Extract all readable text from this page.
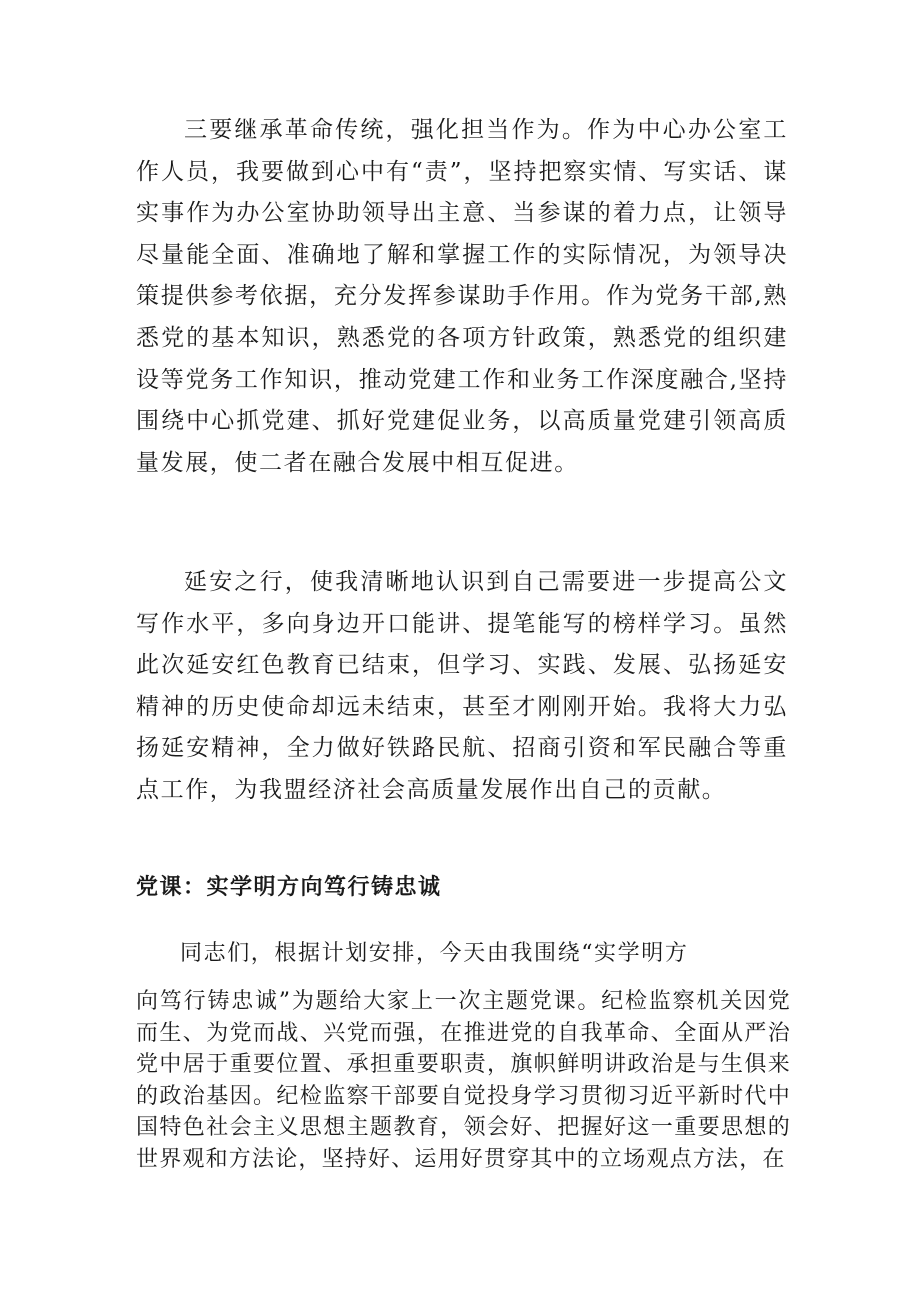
三要继承革命传统，强化担当作为。作为中心办公室工作人员，我要做到心中有“责”，坚持把察实情、写实话、谋实事作为办公室协助领导出主意、当参谋的着力点，让领导尽量能全面、准确地了解和掌握工作的实际情况，为领导决策提供参考依据，充分发挥参谋助手作用。作为党务干部,熟悉党的基本知识，熟悉党的各项方针政策，熟悉党的组织建设等党务工作知识，推动党建工作和业务工作深度融合,坚持围绕中心抓党建、抓好党建促业务，以高质量党建引领高质量发展，使二者在融合发展中相互促进。

延安之行，使我清晰地认识到自己需要进一步提高公文写作水平，多向身边开口能讲、提笔能写的榜样学习。虽然此次延安红色教育已结束，但学习、实践、发展、弘扬延安精神的历史使命却远未结束，甚至才刚刚开始。我将大力弘扬延安精神，全力做好铁路民航、招商引资和军民融合等重点工作，为我盟经济社会高质量发展作出自己的贡献。

党课：实学明方向笃行铸忠诚

同志们，根据计划安排，今天由我围绕“实学明方

向笃行铸忠诚”为题给大家上一次主题党课。纪检监察机关因党而生、为党而战、兴党而强，在推进党的自我革命、全面从严治党中居于重要位置、承担重要职责，旗帜鲜明讲政治是与生俱来的政治基因。纪检监察干部要自觉投身学习贯彻习近平新时代中国特色社会主义思想主题教育，领会好、把握好这一重要思想的世界观和方法论，坚持好、运用好贯穿其中的立场观点方法，在
